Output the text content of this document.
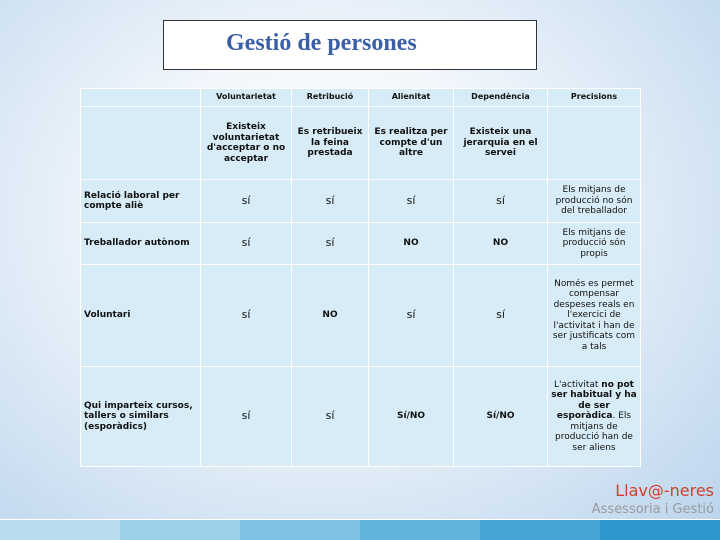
Gestió de persones
	Voluntarietat	Retribució	Alienitat	Dependència	Precisions
	Existeix voluntarietat d'acceptar o no acceptar	Es retribueix la feina prestada	Es realitza per compte d'un altre	Existeix una jerarquia en el servei	
Relació laboral per compte aliè	sí	sí	sí	sí	Els mitjans de producció no són del treballador
Treballador autònom	sí	sí	NO	NO	Els mitjans de producció són propis
Voluntari	sí	NO	sí	sí	Només es permet compensar despeses reals en l'exercici de l'activitat i han de ser justificats com a tals
Qui imparteix cursos, tallers o similars (esporàdics)	sí	sí	Sí/NO	Sí/NO	L'activitat no pot ser habitual y ha de ser esporàdica. Els mitjans de producció han de ser aliens
Llav@-neres
Assessoria i Gestió
